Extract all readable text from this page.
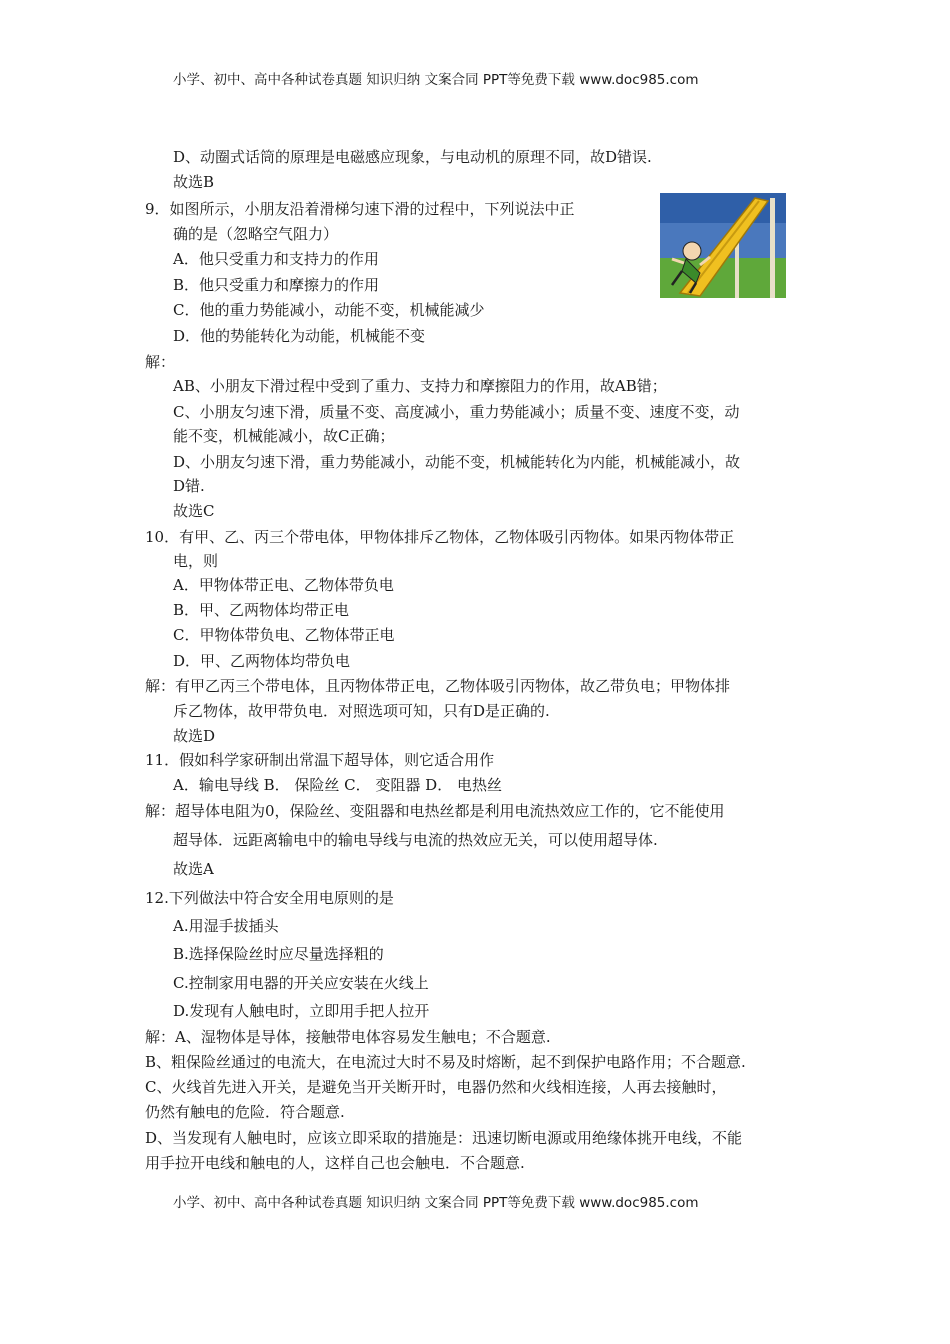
小学、初中、高中各种试卷真题 知识归纳 文案合同 PPT等免费下载 www.doc985.com
D、动圈式话筒的原理是电磁感应现象，与电动机的原理不同，故D错误.
故选B
9．如图所示，小朋友沿着滑梯匀速下滑的过程中，下列说法中正
确的是（忽略空气阻力）
A．他只受重力和支持力的作用
B．他只受重力和摩擦力的作用
C．他的重力势能减小，动能不变，机械能减少
D．他的势能转化为动能，机械能不变
解：
AB、小朋友下滑过程中受到了重力、支持力和摩擦阻力的作用，故AB错；
C、小朋友匀速下滑，质量不变、高度减小，重力势能减小；质量不变、速度不变，动
能不变，机械能减小，故C正确；
D、小朋友匀速下滑，重力势能减小，动能不变，机械能转化为内能，机械能减小，故
D错.
故选C
10．有甲、乙、丙三个带电体，甲物体排斥乙物体，乙物体吸引丙物体。如果丙物体带正
电，则
A．甲物体带正电、乙物体带负电
B．甲、乙两物体均带正电
C．甲物体带负电、乙物体带正电
D．甲、乙两物体均带负电
解：有甲乙丙三个带电体，且丙物体带正电，乙物体吸引丙物体，故乙带负电；甲物体排
斥乙物体，故甲带负电．对照选项可知，只有D是正确的.
故选D
11．假如科学家研制出常温下超导体，则它适合用作
A．输电导线 B． 保险丝 C． 变阻器 D． 电热丝
解：超导体电阻为0，保险丝、变阻器和电热丝都是利用电流热效应工作的，它不能使用
超导体．远距离输电中的输电导线与电流的热效应无关，可以使用超导体.
故选A
12.下列做法中符合安全用电原则的是
A.用湿手拔插头
B.选择保险丝时应尽量选择粗的
C.控制家用电器的开关应安装在火线上
D.发现有人触电时，立即用手把人拉开
解：A、湿物体是导体，接触带电体容易发生触电；不合题意.
B、粗保险丝通过的电流大，在电流过大时不易及时熔断，起不到保护电路作用；不合题意.
C、火线首先进入开关，是避免当开关断开时，电器仍然和火线相连接，人再去接触时，
仍然有触电的危险．符合题意.
D、当发现有人触电时，应该立即采取的措施是：迅速切断电源或用绝缘体挑开电线，不能
用手拉开电线和触电的人，这样自己也会触电．不合题意.
小学、初中、高中各种试卷真题 知识归纳 文案合同 PPT等免费下载 www.doc985.com
